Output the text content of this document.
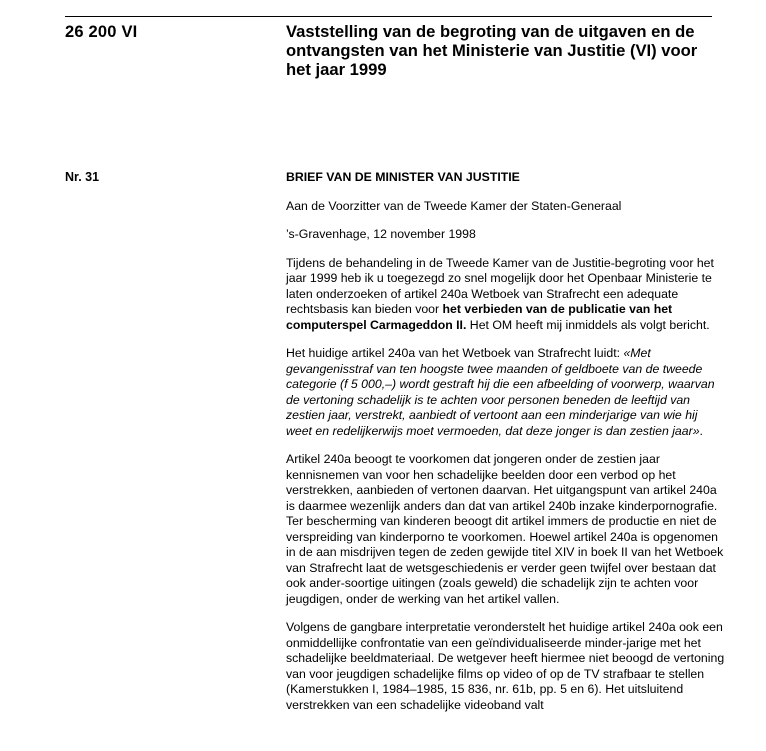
26 200 VI	Vaststelling van de begroting van de uitgaven en de ontvangsten van het Ministerie van Justitie (VI) voor het jaar 1999
Nr. 31	BRIEF VAN DE MINISTER VAN JUSTITIE

Aan de Voorzitter van de Tweede Kamer der Staten-Generaal

’s-Gravenhage, 12 november 1998

Tijdens de behandeling in de Tweede Kamer van de Justitie-begroting voor het jaar 1999 heb ik u toegezegd zo snel mogelijk door het Openbaar Ministerie te laten onderzoeken of artikel 240a Wetboek van Strafrecht een adequate rechtsbasis kan bieden voor het verbieden van de publicatie van het computerspel Carmageddon II. Het OM heeft mij inmiddels als volgt bericht.

Het huidige artikel 240a van het Wetboek van Strafrecht luidt: «Met gevangenisstraf van ten hoogste twee maanden of geldboete van de tweede categorie (f 5 000,–) wordt gestraft hij die een afbeelding of voorwerp, waarvan de vertoning schadelijk is te achten voor personen beneden de leeftijd van zestien jaar, verstrekt, aanbiedt of vertoont aan een minderjarige van wie hij weet en redelijkerwijs moet vermoeden, dat deze jonger is dan zestien jaar».

Artikel 240a beoogt te voorkomen dat jongeren onder de zestien jaar kennisnemen van voor hen schadelijke beelden door een verbod op het verstrekken, aanbieden of vertonen daarvan. Het uitgangspunt van artikel 240a is daarmee wezenlijk anders dan dat van artikel 240b inzake kinderpornografie. Ter bescherming van kinderen beoogt dit artikel immers de productie en niet de verspreiding van kinderporno te voorkomen. Hoewel artikel 240a is opgenomen in de aan misdrijven tegen de zeden gewijde titel XIV in boek II van het Wetboek van Strafrecht laat de wetsgeschiedenis er verder geen twijfel over bestaan dat ook ander-soortige uitingen (zoals geweld) die schadelijk zijn te achten voor jeugdigen, onder de werking van het artikel vallen.

Volgens de gangbare interpretatie veronderstelt het huidige artikel 240a ook een onmiddellijke confrontatie van een geïndividualiseerde minder-jarige met het schadelijke beeldmateriaal. De wetgever heeft hiermee niet beoogd de vertoning van voor jeugdigen schadelijke films op video of op de TV strafbaar te stellen (Kamerstukken I, 1984–1985, 15 836, nr. 61b, pp. 5 en 6). Het uitsluitend verstrekken van een schadelijke videoband valt
